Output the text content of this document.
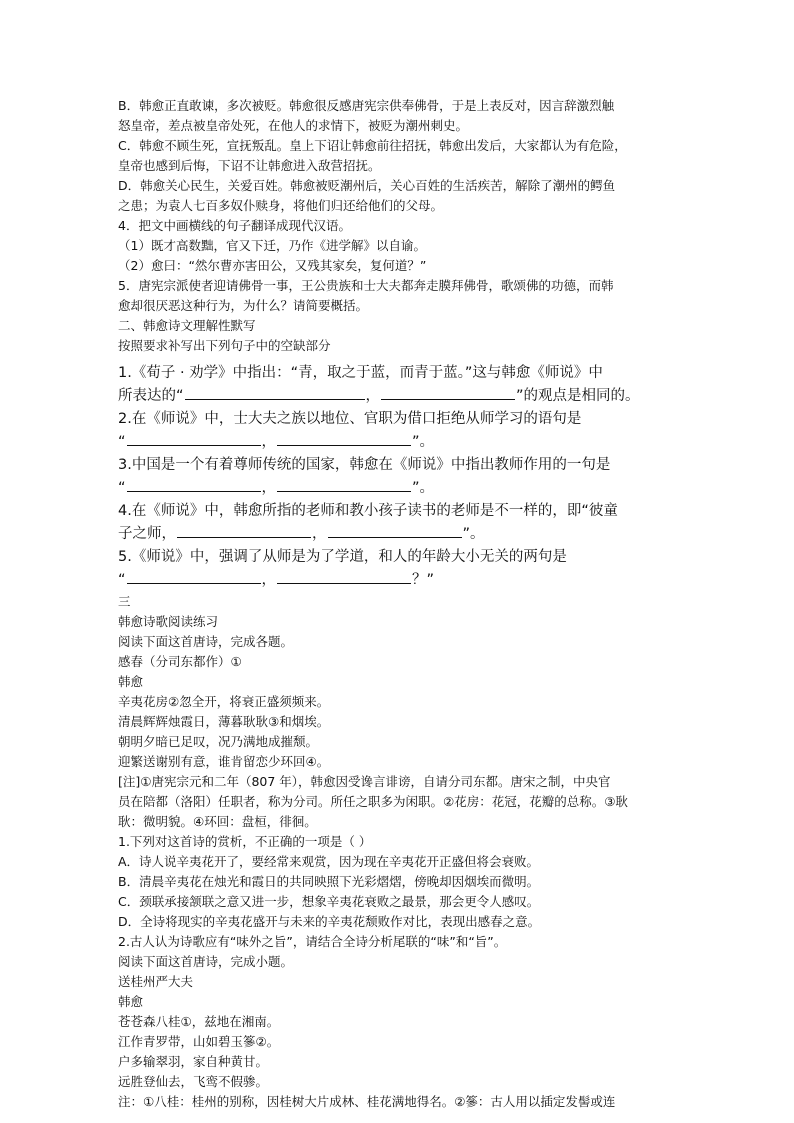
B．韩愈正直敢谏，多次被贬。韩愈很反感唐宪宗供奉佛骨，于是上表反对，因言辞激烈触
怒皇帝，差点被皇帝处死，在他人的求情下，被贬为潮州刺史。
C．韩愈不顾生死，宣抚叛乱。皇上下诏让韩愈前往招抚，韩愈出发后，大家都认为有危险，
皇帝也感到后悔，下诏不让韩愈进入敌营招抚。
D．韩愈关心民生，关爱百姓。韩愈被贬潮州后，关心百姓的生活疾苦，解除了潮州的鳄鱼
之患；为袁人七百多奴仆赎身，将他们归还给他们的父母。
4．把文中画横线的句子翻译成现代汉语。
（1）既才高数黜，官又下迁，乃作《进学解》以自谕。
（2）愈曰：“然尔曹亦害田公，又残其家矣，复何道？”
5．唐宪宗派使者迎请佛骨一事，王公贵族和士大夫都奔走膜拜佛骨，歌颂佛的功德，而韩
愈却很厌恶这种行为，为什么？请简要概括。
二、韩愈诗文理解性默写
按照要求补写出下列句子中的空缺部分
1.《荀子 · 劝学》中指出：“青，取之于蓝，而青于蓝。”这与韩愈《师说》中
所表达的“	，	”的观点是相同的。
2.在《师说》中，士大夫之族以地位、官职为借口拒绝从师学习的语句是
“	，	”。
3.中国是一个有着尊师传统的国家，韩愈在《师说》中指出教师作用的一句是
“	，	”。
4.在《师说》中，韩愈所指的老师和教小孩子读书的老师是不一样的，即“彼童
子之师，	，	”。
5.《师说》中，强调了从师是为了学道，和人的年龄大小无关的两句是
“	，	？”
三
韩愈诗歌阅读练习
阅读下面这首唐诗，完成各题。
感春（分司东都作）①
韩愈
辛夷花房②忽全开，将衰正盛须频来。
清晨辉辉烛霞日，薄暮耿耿③和烟埃。
朝明夕暗已足叹，况乃满地成摧颓。
迎繁送谢别有意，谁肯留恋少环回④。
[注]①唐宪宗元和二年（807 年），韩愈因受谗言诽谤，自请分司东都。唐宋之制，中央官
员在陪都（洛阳）任职者，称为分司。所任之职多为闲职。②花房：花冠，花瓣的总称。③耿
耿：微明貌。④环回：盘桓，徘徊。
1.下列对这首诗的赏析，不正确的一项是（ ）
A．诗人说辛夷花开了，要经常来观赏，因为现在辛夷花开正盛但将会衰败。
B．清晨辛夷花在烛光和霞日的共同映照下光彩熠熠，傍晚却因烟埃而微明。
C．颈联承接颔联之意又进一步，想象辛夷花衰败之最景，那会更令人感叹。
D．全诗将现实的辛夷花盛开与未来的辛夷花颓败作对比，表现出感春之意。
2.古人认为诗歌应有“味外之旨”，请结合全诗分析尾联的“味”和“旨”。
阅读下面这首唐诗，完成小题。
送桂州严大夫
韩愈
苍苍森八桂①，兹地在湘南。
江作青罗带，山如碧玉篸②。
户多输翠羽，家自种黄甘。
远胜登仙去，飞鸾不假骖。
注：①八桂：桂州的别称，因桂树大片成林、桂花满地得名。②篸：古人用以插定发髻或连
